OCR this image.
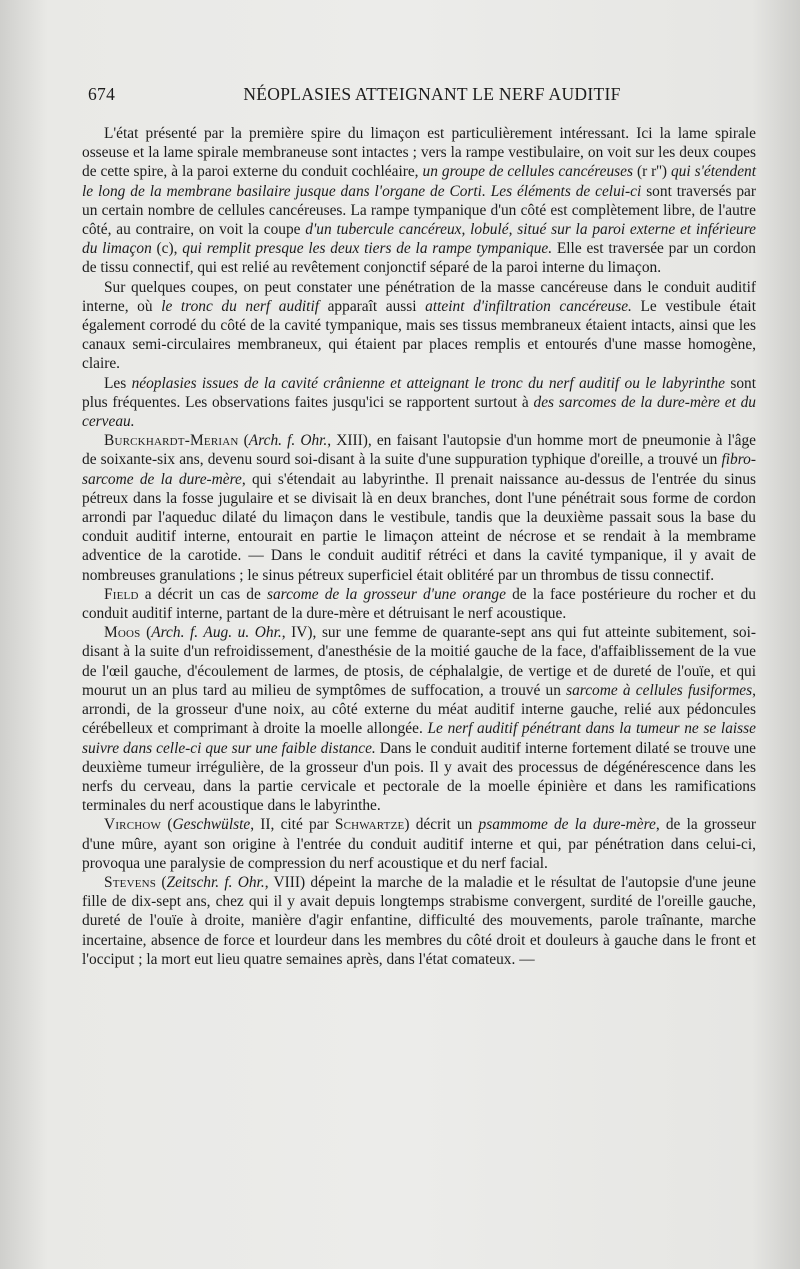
674	NÉOPLASIES ATTEIGNANT LE NERF AUDITIF

L'état présenté par la première spire du limaçon est particulièrement intéressant. Ici la lame spirale osseuse et la lame spirale membraneuse sont intactes ; vers la rampe vestibulaire, on voit sur les deux coupes de cette spire, à la paroi externe du conduit cochléaire, un groupe de cellules cancéreuses (r r'') qui s'étendent le long de la membrane basilaire jusque dans l'organe de Corti. Les éléments de celui-ci sont traversés par un certain nombre de cellules cancéreuses. La rampe tympanique d'un côté est complètement libre, de l'autre côté, au contraire, on voit la coupe d'un tubercule cancéreux, lobulé, situé sur la paroi externe et inférieure du limaçon (c), qui remplit presque les deux tiers de la rampe tympanique. Elle est traversée par un cordon de tissu connectif, qui est relié au revêtement conjonctif séparé de la paroi interne du limaçon.

Sur quelques coupes, on peut constater une pénétration de la masse cancéreuse dans le conduit auditif interne, où le tronc du nerf auditif apparaît aussi atteint d'infiltration cancéreuse. Le vestibule était également corrodé du côté de la cavité tympanique, mais ses tissus membraneux étaient intacts, ainsi que les canaux semi-circulaires membraneux, qui étaient par places remplis et entourés d'une masse homogène, claire.

Les néoplasies issues de la cavité crânienne et atteignant le tronc du nerf auditif ou le labyrinthe sont plus fréquentes. Les observations faites jusqu'ici se rapportent surtout à des sarcomes de la dure-mère et du cerveau.

Burckhardt-Merian (Arch. f. Ohr., XIII), en faisant l'autopsie d'un homme mort de pneumonie à l'âge de soixante-six ans, devenu sourd soi-disant à la suite d'une suppuration typhique d'oreille, a trouvé un fibro-sarcome de la dure-mère, qui s'étendait au labyrinthe. Il prenait naissance au-dessus de l'entrée du sinus pétreux dans la fosse jugulaire et se divisait là en deux branches, dont l'une pénétrait sous forme de cordon arrondi par l'aqueduc dilaté du limaçon dans le vestibule, tandis que la deuxième passait sous la base du conduit auditif interne, entourait en partie le limaçon atteint de nécrose et se rendait à la membrame adventice de la carotide. — Dans le conduit auditif rétréci et dans la cavité tympanique, il y avait de nombreuses granulations ; le sinus pétreux superficiel était oblitéré par un thrombus de tissu connectif.

Field a décrit un cas de sarcome de la grosseur d'une orange de la face postérieure du rocher et du conduit auditif interne, partant de la dure-mère et détruisant le nerf acoustique.

Moos (Arch. f. Aug. u. Ohr., IV), sur une femme de quarante-sept ans qui fut atteinte subitement, soi-disant à la suite d'un refroidissement, d'anesthésie de la moitié gauche de la face, d'affaiblissement de la vue de l'œil gauche, d'écoulement de larmes, de ptosis, de céphalalgie, de vertige et de dureté de l'ouïe, et qui mourut un an plus tard au milieu de symptômes de suffocation, a trouvé un sarcome à cellules fusiformes, arrondi, de la grosseur d'une noix, au côté externe du méat auditif interne gauche, relié aux pédoncules cérébelleux et comprimant à droite la moelle allongée. Le nerf auditif pénétrant dans la tumeur ne se laisse suivre dans celle-ci que sur une faible distance. Dans le conduit auditif interne fortement dilaté se trouve une deuxième tumeur irrégulière, de la grosseur d'un pois. Il y avait des processus de dégénérescence dans les nerfs du cerveau, dans la partie cervicale et pectorale de la moelle épinière et dans les ramifications terminales du nerf acoustique dans le labyrinthe.

Virchow (Geschwülste, II, cité par Schwartze) décrit un psammome de la dure-mère, de la grosseur d'une mûre, ayant son origine à l'entrée du conduit auditif interne et qui, par pénétration dans celui-ci, provoqua une paralysie de compression du nerf acoustique et du nerf facial.

Stevens (Zeitschr. f. Ohr., VIII) dépeint la marche de la maladie et le résultat de l'autopsie d'une jeune fille de dix-sept ans, chez qui il y avait depuis longtemps strabisme convergent, surdité de l'oreille gauche, dureté de l'ouïe à droite, manière d'agir enfantine, difficulté des mouvements, parole traînante, marche incertaine, absence de force et lourdeur dans les membres du côté droit et douleurs à gauche dans le front et l'occiput ; la mort eut lieu quatre semaines après, dans l'état comateux. —
